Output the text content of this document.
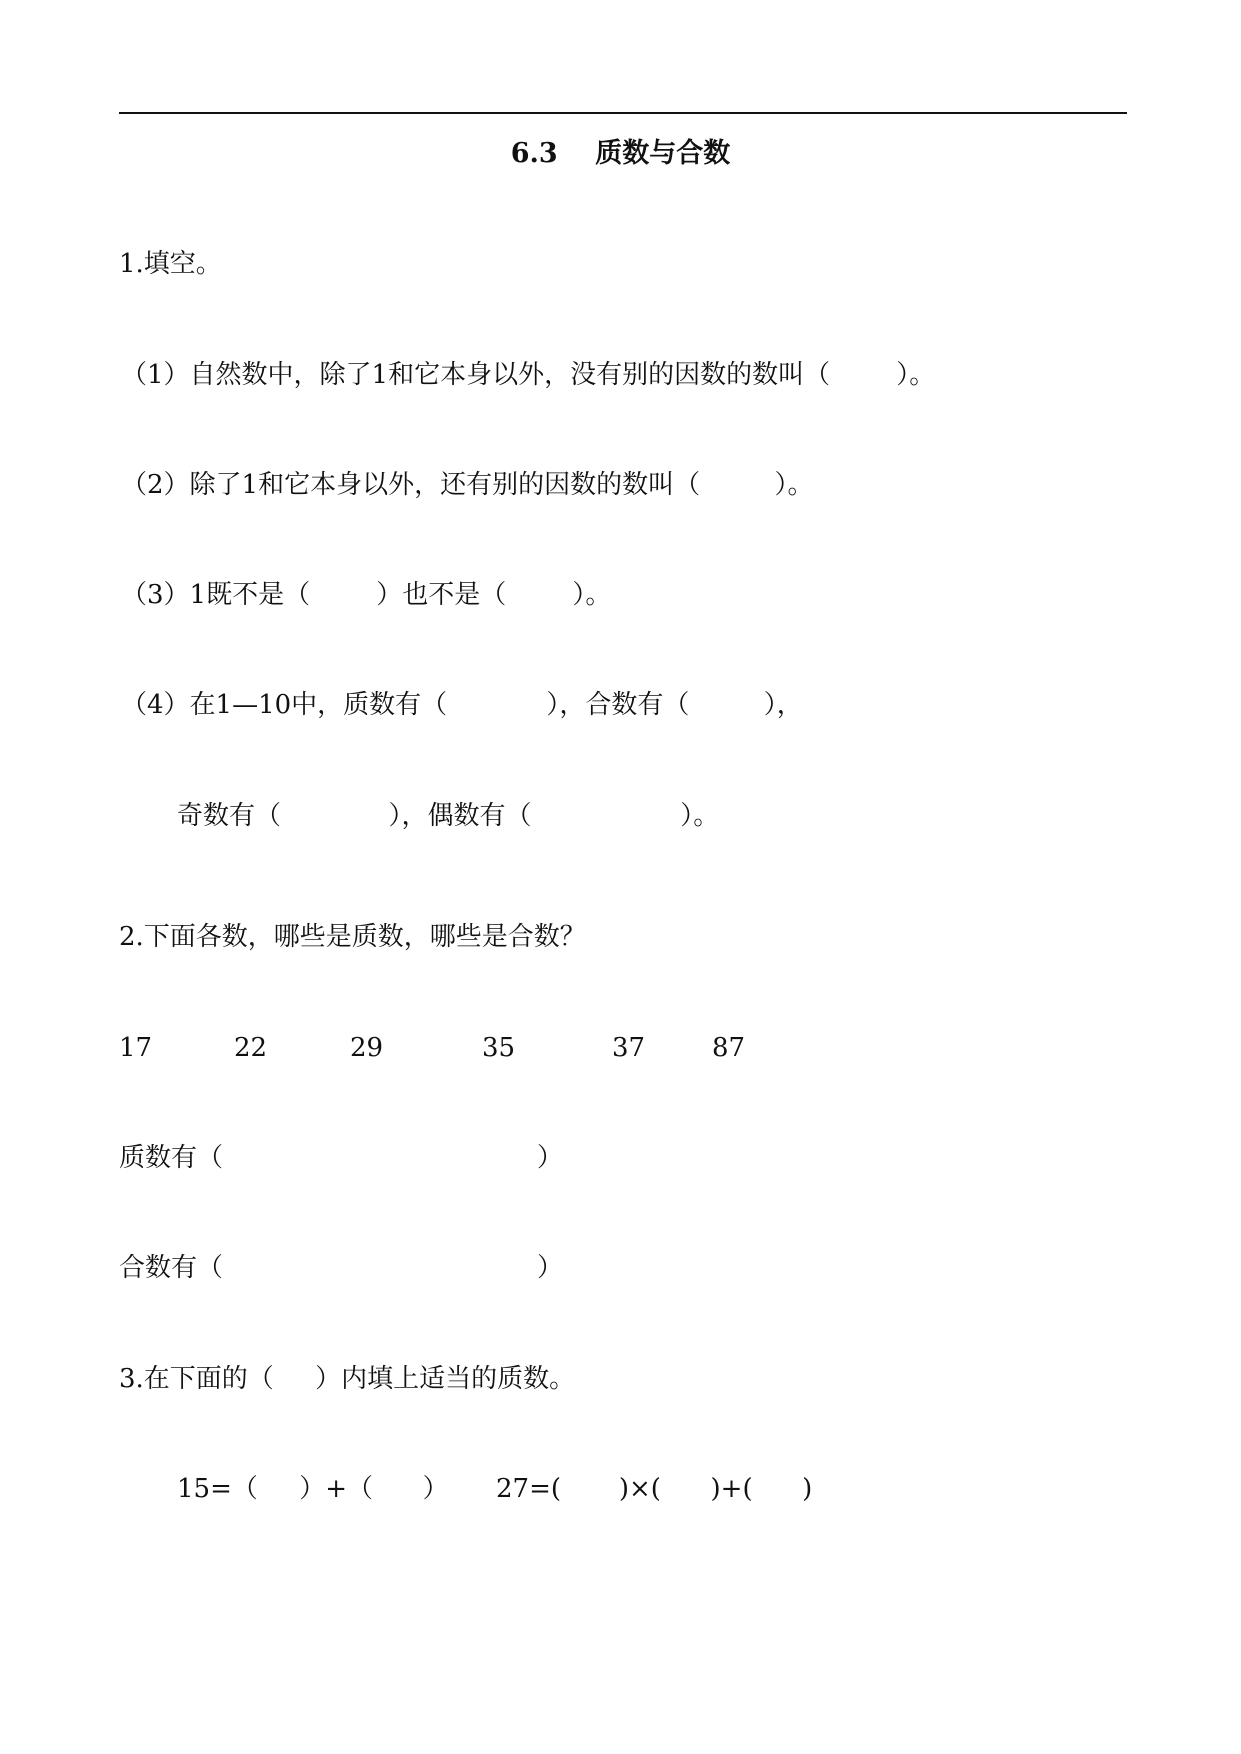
6.3    质数与合数
1.填空。
（1）自然数中，除了1和它本身以外，没有别的因数的数叫（        ）。
（2）除了1和它本身以外，还有别的因数的数叫（         ）。
（3）1既不是（        ）也不是（        ）。
（4）在1—10中，质数有（            ），合数有（         ），
奇数有（             ），偶数有（                  ）。
2.下面各数，哪些是质数，哪些是合数？
17	22	29	35	37	87
质数有（                                      ）
合数有（                                      ）
3.在下面的（     ）内填上适当的质数。
15=（     ）+（      ） 27=(       )×(      )+(      )
